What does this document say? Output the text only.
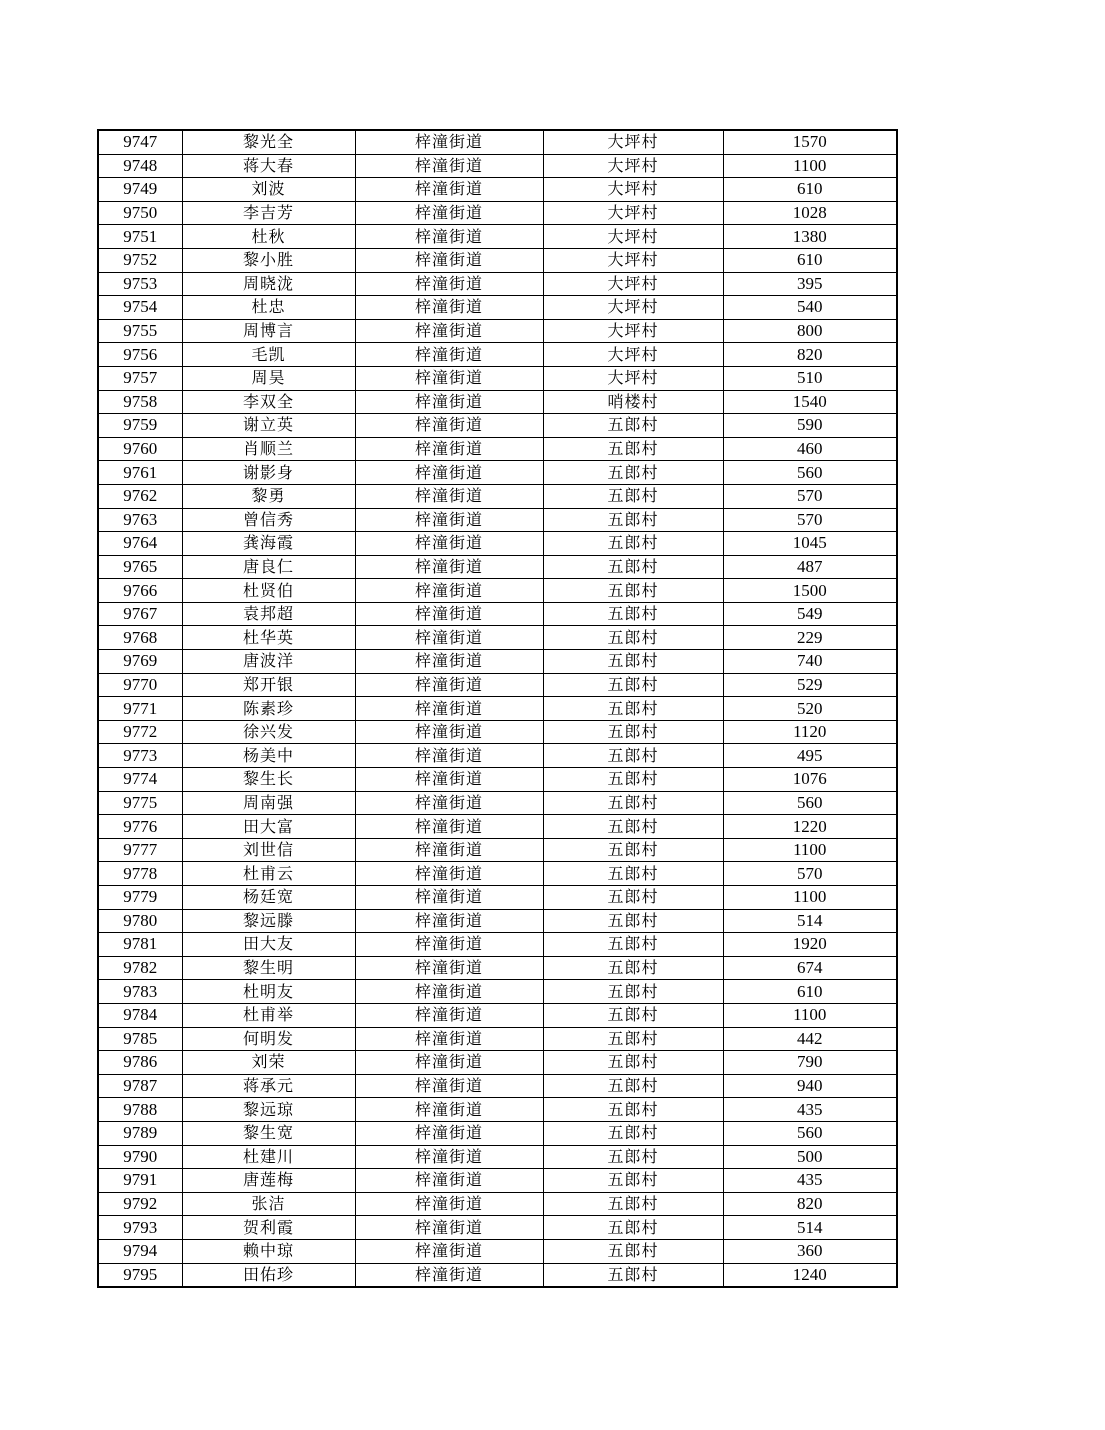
9747	黎光全	梓潼街道	大坪村	1570
9748	蒋大春	梓潼街道	大坪村	1100
9749	刘波	梓潼街道	大坪村	610
9750	李吉芳	梓潼街道	大坪村	1028
9751	杜秋	梓潼街道	大坪村	1380
9752	黎小胜	梓潼街道	大坪村	610
9753	周晓泷	梓潼街道	大坪村	395
9754	杜忠	梓潼街道	大坪村	540
9755	周博言	梓潼街道	大坪村	800
9756	毛凯	梓潼街道	大坪村	820
9757	周昊	梓潼街道	大坪村	510
9758	李双全	梓潼街道	哨楼村	1540
9759	谢立英	梓潼街道	五郎村	590
9760	肖顺兰	梓潼街道	五郎村	460
9761	谢影身	梓潼街道	五郎村	560
9762	黎勇	梓潼街道	五郎村	570
9763	曾信秀	梓潼街道	五郎村	570
9764	龚海霞	梓潼街道	五郎村	1045
9765	唐良仁	梓潼街道	五郎村	487
9766	杜贤伯	梓潼街道	五郎村	1500
9767	袁邦超	梓潼街道	五郎村	549
9768	杜华英	梓潼街道	五郎村	229
9769	唐波洋	梓潼街道	五郎村	740
9770	郑开银	梓潼街道	五郎村	529
9771	陈素珍	梓潼街道	五郎村	520
9772	徐兴发	梓潼街道	五郎村	1120
9773	杨美中	梓潼街道	五郎村	495
9774	黎生长	梓潼街道	五郎村	1076
9775	周南强	梓潼街道	五郎村	560
9776	田大富	梓潼街道	五郎村	1220
9777	刘世信	梓潼街道	五郎村	1100
9778	杜甫云	梓潼街道	五郎村	570
9779	杨廷宽	梓潼街道	五郎村	1100
9780	黎远滕	梓潼街道	五郎村	514
9781	田大友	梓潼街道	五郎村	1920
9782	黎生明	梓潼街道	五郎村	674
9783	杜明友	梓潼街道	五郎村	610
9784	杜甫举	梓潼街道	五郎村	1100
9785	何明发	梓潼街道	五郎村	442
9786	刘荣	梓潼街道	五郎村	790
9787	蒋承元	梓潼街道	五郎村	940
9788	黎远琼	梓潼街道	五郎村	435
9789	黎生宽	梓潼街道	五郎村	560
9790	杜建川	梓潼街道	五郎村	500
9791	唐莲梅	梓潼街道	五郎村	435
9792	张洁	梓潼街道	五郎村	820
9793	贺利霞	梓潼街道	五郎村	514
9794	赖中琼	梓潼街道	五郎村	360
9795	田佑珍	梓潼街道	五郎村	1240
